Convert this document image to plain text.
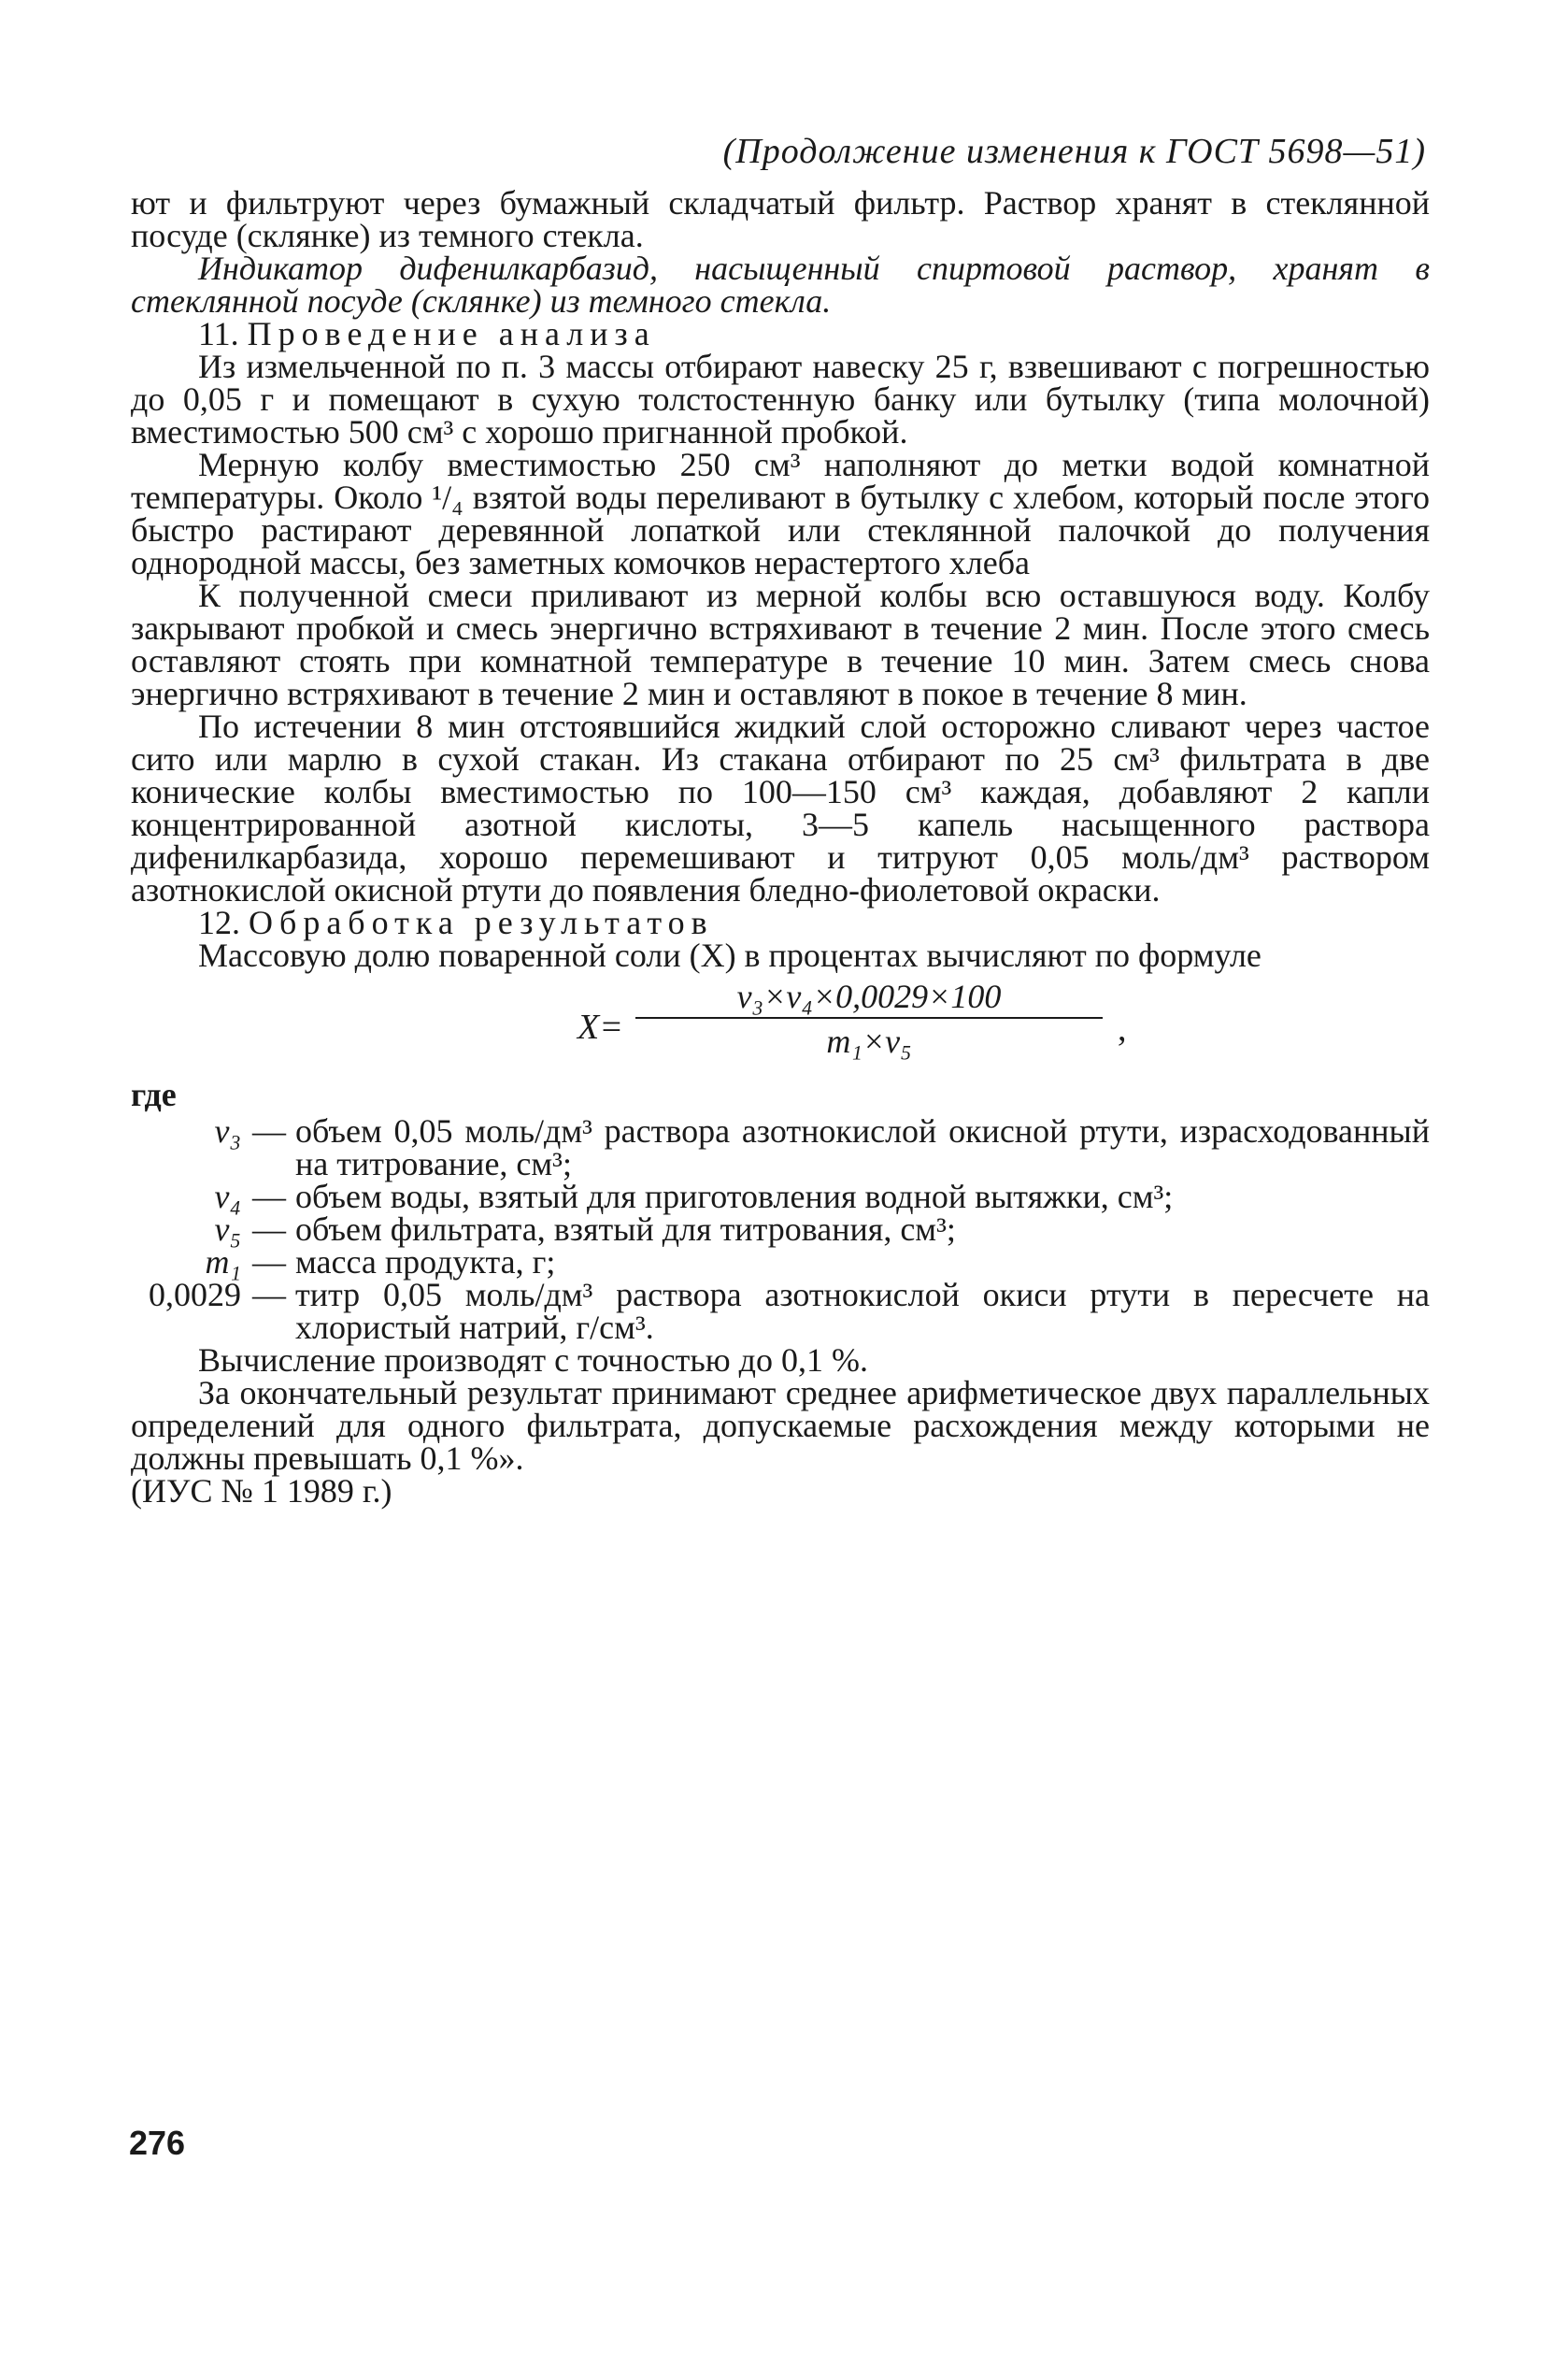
(Продолжение изменения к ГОСТ 5698—51)

ют и фильтруют через бумажный складчатый фильтр. Раствор хранят в стеклянной посуде (склянке) из темного стекла.

Индикатор дифенилкарбазид, насыщенный спиртовой раствор, хранят в стеклянной посуде (склянке) из темного стекла.

11. Проведение анализа

Из измельченной по п. 3 массы отбирают навеску 25 г, взвешивают с погрешностью до 0,05 г и помещают в сухую толстостенную банку или бутылку (типа молочной) вместимостью 500 см³ с хорошо пригнанной пробкой.

Мерную колбу вместимостью 250 см³ наполняют до метки водой комнатной температуры. Около ¹/₄ взятой воды переливают в бутылку с хлебом, который после этого быстро растирают деревянной лопаткой или стеклянной палочкой до получения однородной массы, без заметных комочков нерастертого хлеба

К полученной смеси приливают из мерной колбы всю оставшуюся воду. Колбу закрывают пробкой и смесь энергично встряхивают в течение 2 мин. После этого смесь оставляют стоять при комнатной температуре в течение 10 мин. Затем смесь снова энергично встряхивают в течение 2 мин и оставляют в покое в течение 8 мин.

По истечении 8 мин отстоявшийся жидкий слой осторожно сливают через частое сито или марлю в сухой стакан. Из стакана отбирают по 25 см³ фильтрата в две конические колбы вместимостью по 100—150 см³ каждая, добавляют 2 капли концентрированной азотной кислоты, 3—5 капель насыщенного раствора дифенилкарбазида, хорошо перемешивают и титруют 0,05 моль/дм³ раствором азотнокислой окисной ртути до появления бледно-фиолетовой окраски.

12. Обработка результатов

Массовую долю поваренной соли (X) в процентах вычисляют по формуле

X=
v₃×v₄×0,0029×100
m₁×v₅	,
где
v₃ — объем 0,05 моль/дм³ раствора азотнокислой окисной ртути, израсходованный на титрование, см³;
v₄ — объем воды, взятый для приготовления водной вытяжки, см³;
v₅ — объем фильтрата, взятый для титрования, см³;
m₁ — масса продукта, г;
0,0029 — титр 0,05 моль/дм³ раствора азотнокислой окиси ртути в пересчете на хлористый натрий, г/см³.

Вычисление производят с точностью до 0,1 %.

За окончательный результат принимают среднее арифметическое двух параллельных определений для одного фильтрата, допускаемые расхождения между которыми не должны превышать 0,1 %».

(ИУС № 1 1989 г.)

276
